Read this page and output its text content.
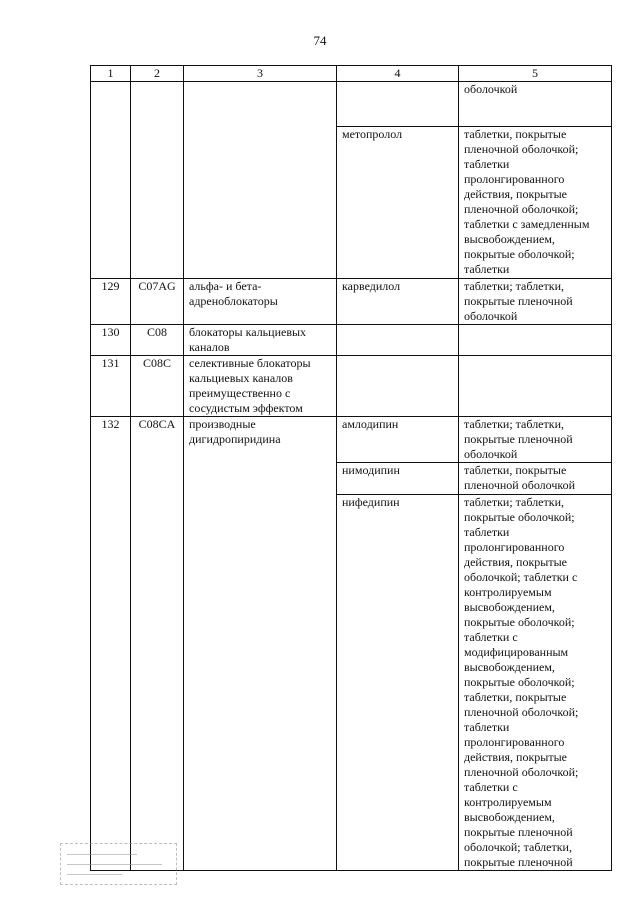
74
1	2	3	4	5
				оболочкой
			метопролол	таблетки, покрытые пленочной оболочкой; таблетки пролонгированного действия, покрытые пленочной оболочкой; таблетки с замедленным высвобождением, покрытые оболочкой; таблетки
129	C07AG	альфа- и бета-адреноблокаторы	карведилол	таблетки; таблетки, покрытые пленочной оболочкой
130	C08	блокаторы кальциевых каналов		
131	C08C	селективные блокаторы кальциевых каналов преимущественно с сосудистым эффектом		
132	C08CA	производные дигидропиридина	амлодипин	таблетки; таблетки, покрытые пленочной оболочкой
			нимодипин	таблетки, покрытые пленочной оболочкой
			нифедипин	таблетки; таблетки, покрытые оболочкой; таблетки пролонгированного действия, покрытые оболочкой; таблетки с контролируемым высвобождением, покрытые оболочкой; таблетки с модифицированным высвобождением, покрытые оболочкой; таблетки, покрытые пленочной оболочкой; таблетки пролонгированного действия, покрытые пленочной оболочкой; таблетки с контролируемым высвобождением, покрытые пленочной оболочкой; таблетки, покрытые пленочной
